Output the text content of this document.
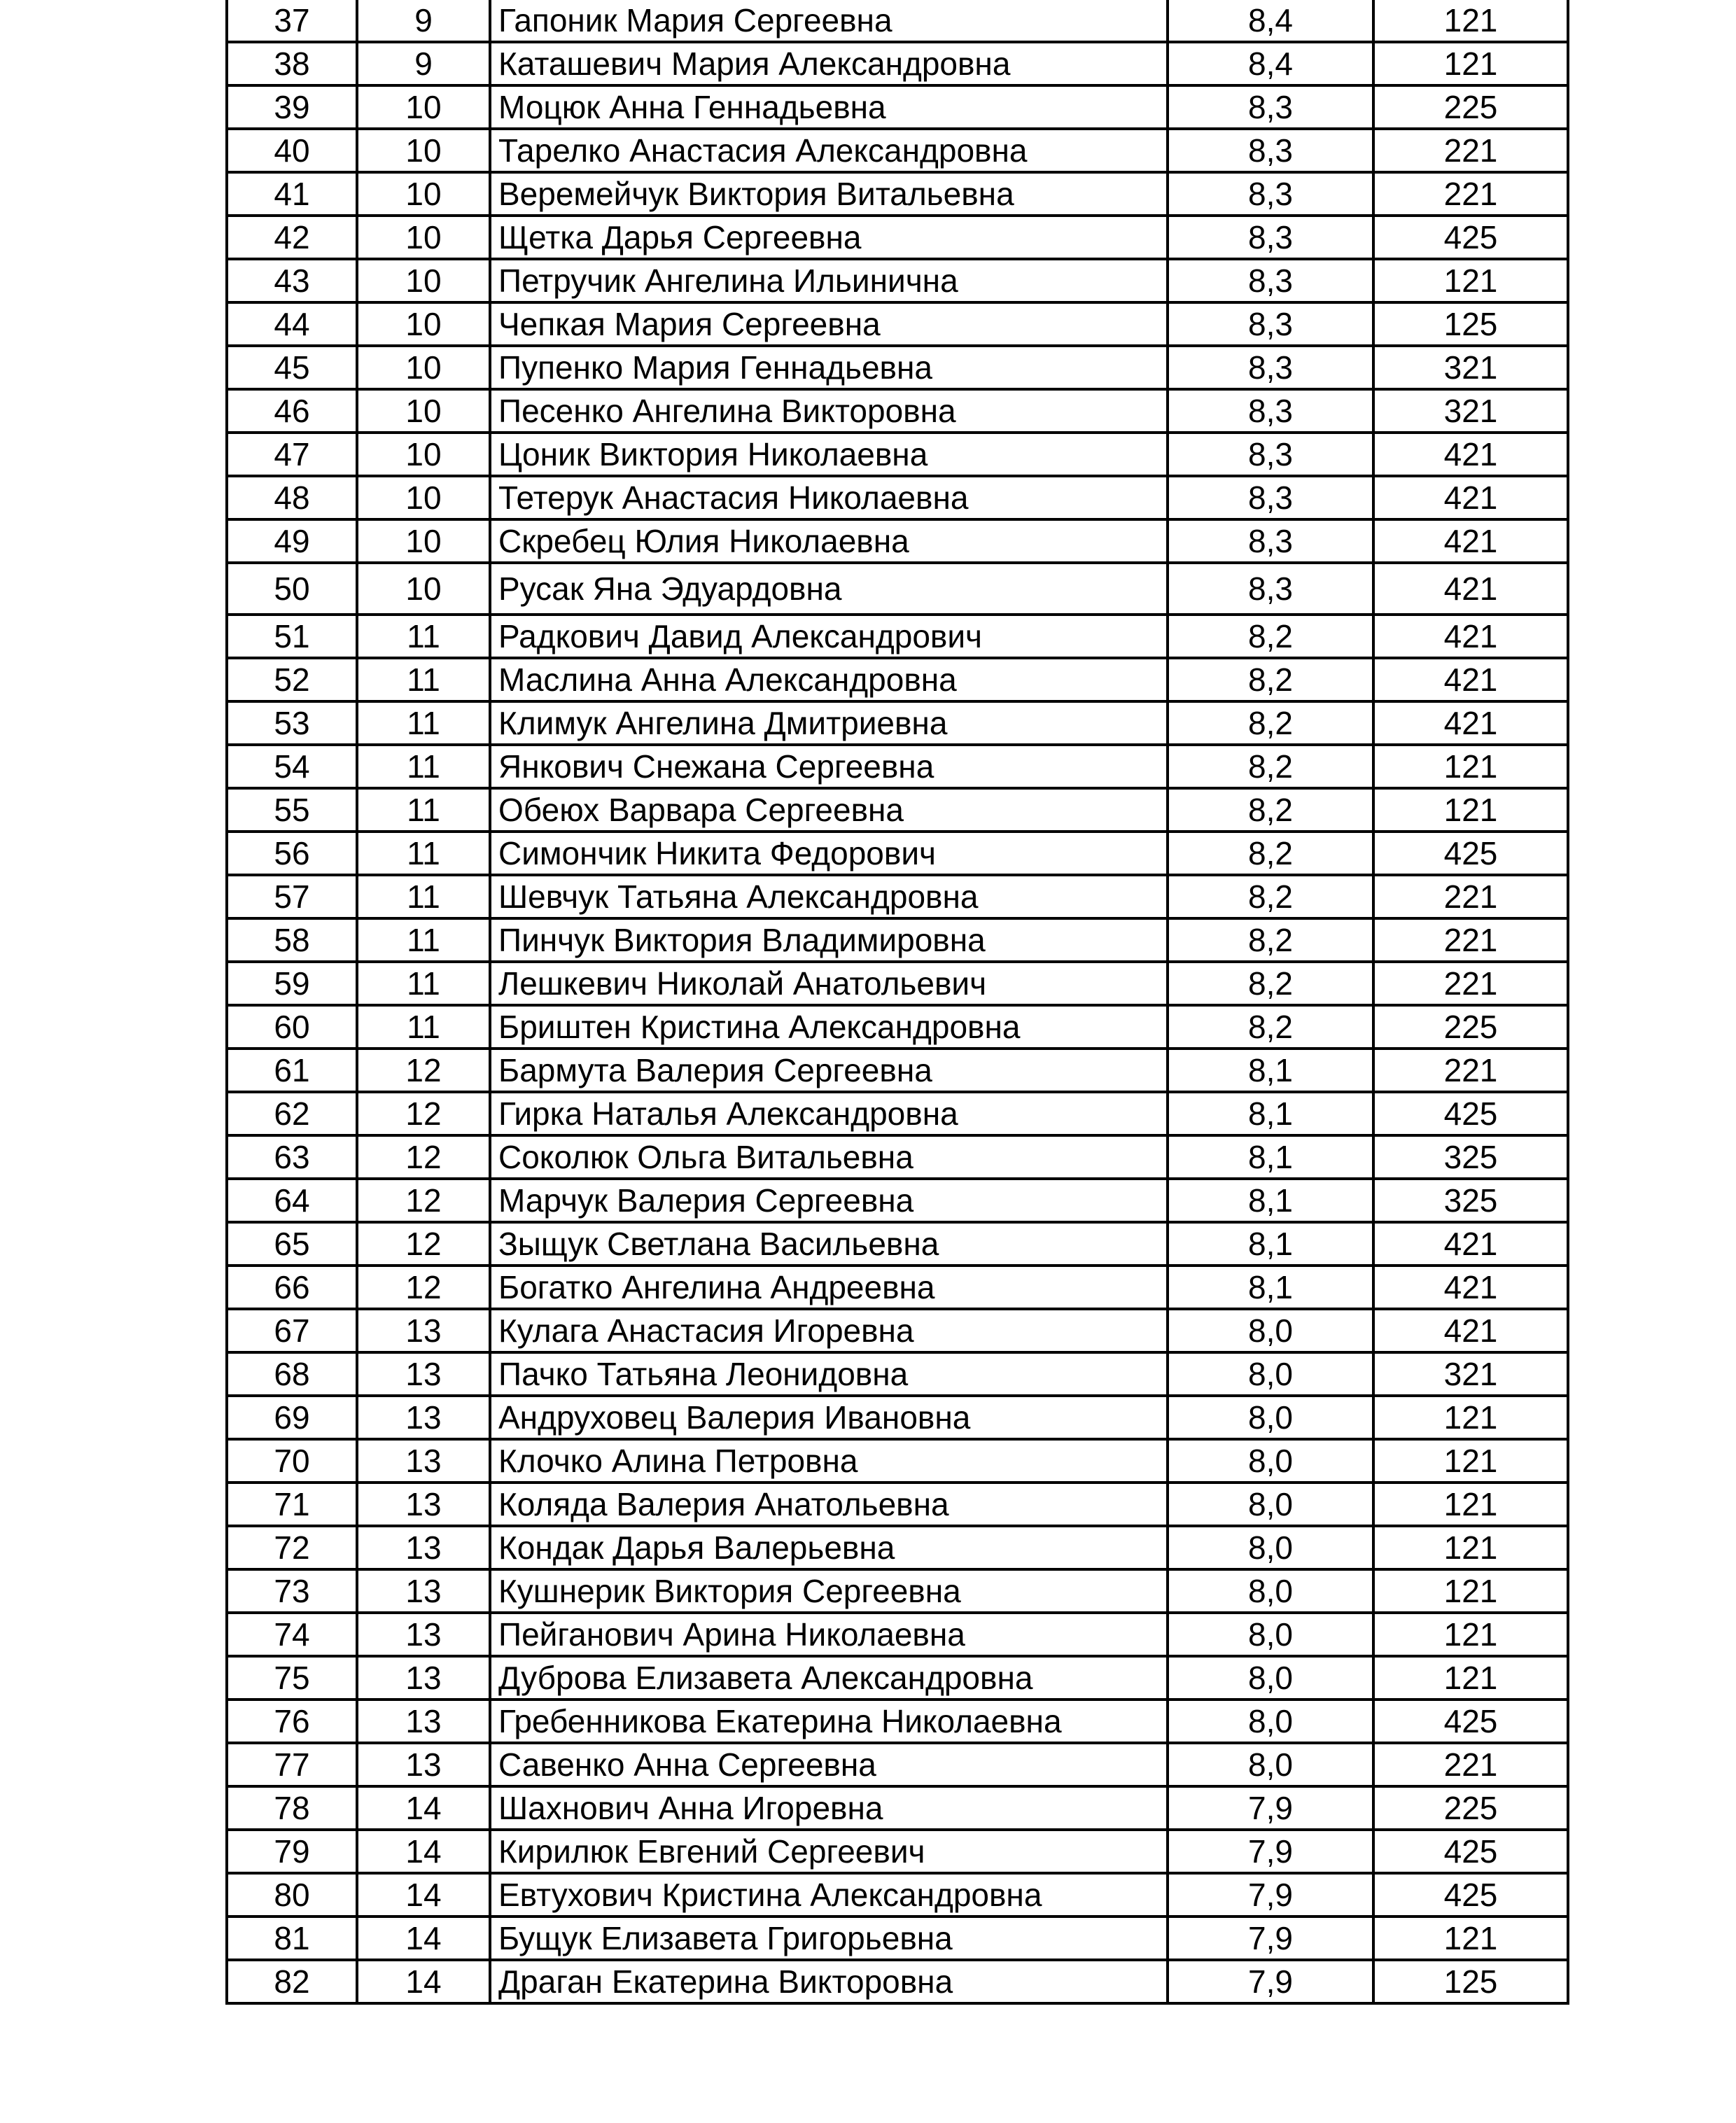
37	9	Гапоник Мария Сергеевна	8,4	121
38	9	Каташевич Мария Александровна	8,4	121
39	10	Моцюк Анна Геннадьевна	8,3	225
40	10	Тарелко Анастасия Александровна	8,3	221
41	10	Веремейчук Виктория Витальевна	8,3	221
42	10	Щетка Дарья Сергеевна	8,3	425
43	10	Петручик Ангелина Ильинична	8,3	121
44	10	Чепкая Мария Сергеевна	8,3	125
45	10	Пупенко Мария Геннадьевна	8,3	321
46	10	Песенко Ангелина Викторовна	8,3	321
47	10	Цоник Виктория Николаевна	8,3	421
48	10	Тетерук Анастасия Николаевна	8,3	421
49	10	Скребец Юлия Николаевна	8,3	421
50	10	Русак Яна Эдуардовна	8,3	421
51	11	Радкович Давид Александрович	8,2	421
52	11	Маслина Анна Александровна	8,2	421
53	11	Климук Ангелина Дмитриевна	8,2	421
54	11	Янкович Снежана Сергеевна	8,2	121
55	11	Обеюх Варвара Сергеевна	8,2	121
56	11	Симончик Никита Федорович	8,2	425
57	11	Шевчук Татьяна Александровна	8,2	221
58	11	Пинчук Виктория Владимировна	8,2	221
59	11	Лешкевич Николай Анатольевич	8,2	221
60	11	Бриштен Кристина Александровна	8,2	225
61	12	Бармута Валерия Сергеевна	8,1	221
62	12	Гирка Наталья Александровна	8,1	425
63	12	Соколюк Ольга Витальевна	8,1	325
64	12	Марчук Валерия Сергеевна	8,1	325
65	12	Зыщук Светлана Васильевна	8,1	421
66	12	Богатко Ангелина Андреевна	8,1	421
67	13	Кулага Анастасия Игоревна	8,0	421
68	13	Пачко Татьяна Леонидовна	8,0	321
69	13	Андруховец Валерия Ивановна	8,0	121
70	13	Клочко Алина Петровна	8,0	121
71	13	Коляда Валерия Анатольевна	8,0	121
72	13	Кондак Дарья Валерьевна	8,0	121
73	13	Кушнерик Виктория Сергеевна	8,0	121
74	13	Пейганович Арина Николаевна	8,0	121
75	13	Дуброва Елизавета Александровна	8,0	121
76	13	Гребенникова Екатерина Николаевна	8,0	425
77	13	Савенко Анна Сергеевна	8,0	221
78	14	Шахнович Анна Игоревна	7,9	225
79	14	Кирилюк Евгений Сергеевич	7,9	425
80	14	Евтухович Кристина Александровна	7,9	425
81	14	Бущук Елизавета Григорьевна	7,9	121
82	14	Драган Екатерина Викторовна	7,9	125
